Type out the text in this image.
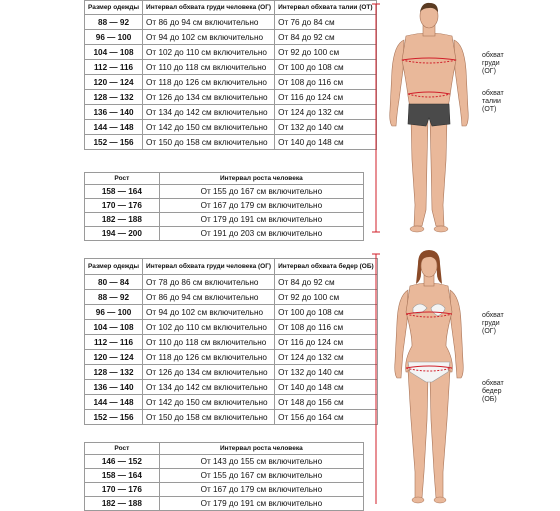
Размер одежды	Интервал обхвата груди человека (ОГ)	Интервал обхвата талии (ОТ)
88 — 92	От 86 до 94 см включительно	От 76 до 84 см
96 — 100	От 94 до 102 см включительно	От 84 до 92 см
104 — 108	От 102 до 110 см включительно	От 92 до 100 см
112 — 116	От 110 до 118 см включительно	От 100 до 108 см
120 — 124	От 118 до 126 см включительно	От 108 до 116 см
128 — 132	От 126 до 134 см включительно	От 116 до 124 см
136 — 140	От 134 до 142 см включительно	От 124 до 132 см
144 — 148	От 142 до 150 см включительно	От 132 до 140 см
152 — 156	От 150 до 158 см включительно	От 140 до 148 см
Рост	Интервал роста человека
158 — 164	От 155 до 167 см включительно
170 — 176	От 167 до 179 см включительно
182 — 188	От 179 до 191 см включительно
194 — 200	От 191 до 203 см включительно
Размер одежды	Интервал обхвата груди человека (ОГ)	Интервал обхвата бедер (ОБ)
80 — 84	От 78 до 86 см включительно	От 84 до 92 см
88 — 92	От 86 до 94 см включительно	От 92 до 100 см
96 — 100	От 94 до 102 см включительно	От 100 до 108 см
104 — 108	От 102 до 110 см включительно	От 108 до 116 см
112 — 116	От 110 до 118 см включительно	От 116 до 124 см
120 — 124	От 118 до 126 см включительно	От 124 до 132 см
128 — 132	От 126 до 134 см включительно	От 132 до 140 см
136 — 140	От 134 до 142 см включительно	От 140 до 148 см
144 — 148	От 142 до 150 см включительно	От 148 до 156 см
152 — 156	От 150 до 158 см включительно	От 156 до 164 см
Рост	Интервал роста человека
146 — 152	От 143 до 155 см включительно
158 — 164	От 155 до 167 см включительно
170 — 176	От 167 до 179 см включительно
182 — 188	От 179 до 191 см включительно
обхват
груди
(ОГ)
обхват
талии
(ОТ)
обхват
груди
(ОГ)
обхват
бедер
(ОБ)
